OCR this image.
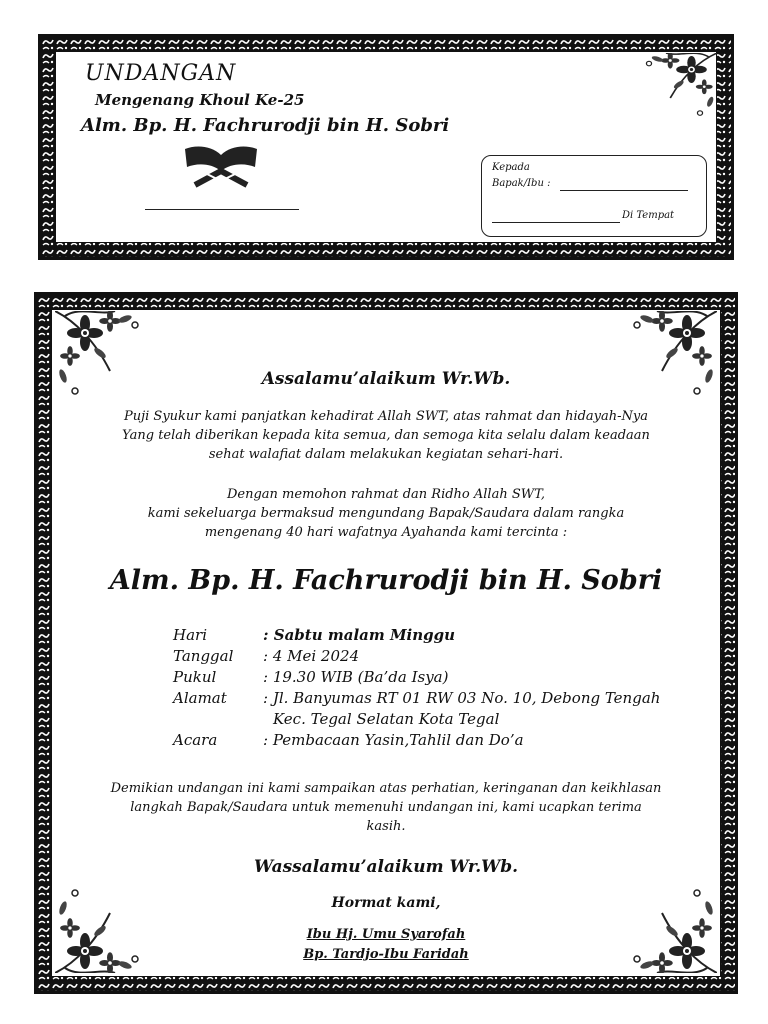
UNDANGAN
Mengenang Khoul Ke-25
Alm. Bp. H. Fachrurodji bin H. Sobri
Kepada
Bapak/Ibu :
Di Tempat
Assalamu’alaikum Wr.Wb.
Puji Syukur kami panjatkan kehadirat Allah SWT, atas rahmat dan hidayah-Nya
Yang telah diberikan kepada kita semua, dan semoga kita selalu dalam keadaan
sehat walafiat dalam melakukan kegiatan sehari-hari.
Dengan memohon rahmat dan Ridho Allah SWT,
kami sekeluarga bermaksud mengundang Bapak/Saudara dalam rangka
mengenang 40 hari wafatnya Ayahanda kami tercinta :
Alm. Bp. H. Fachrurodji bin H. Sobri
Hari	: Sabtu malam Minggu
Tanggal : 4 Mei 2024
Pukul	: 19.30 WIB (Ba’da Isya)
Alamat : Jl. Banyumas RT 01 RW 03 No. 10, Debong Tengah
Kec. Tegal Selatan Kota Tegal
Acara	: Pembacaan Yasin,Tahlil dan Do’a
Demikian undangan ini kami sampaikan atas perhatian, keringanan dan keikhlasan
langkah Bapak/Saudara untuk memenuhi undangan ini, kami ucapkan terima
kasih.
Wassalamu’alaikum Wr.Wb.
Hormat kami,
Ibu Hj. Umu Syarofah
Bp. Tardjo-Ibu Faridah
